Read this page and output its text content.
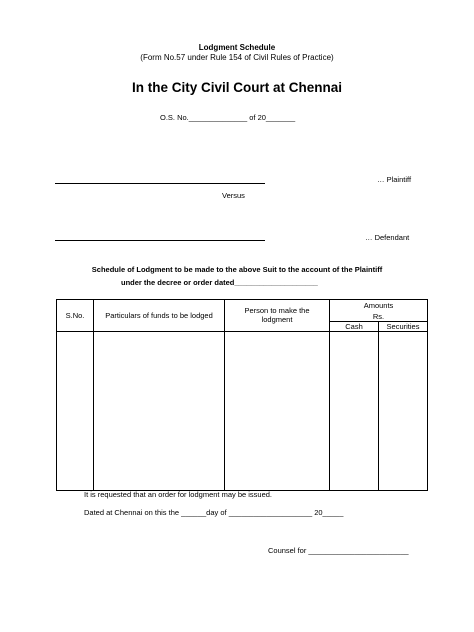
Lodgment Schedule
(Form No.57 under Rule 154 of Civil Rules of Practice)
In the City Civil Court at Chennai
O.S. No.______________ of 20_______
… Plaintiff
Versus
… Defendant
Schedule of Lodgment to be made to the above Suit to the account of the Plaintiff
under the decree or order dated____________________
S.No.	Particulars of funds to be lodged	Person to make the lodgment	Amounts	
			Rs.	
			Cash	Securities

It is requested that an order for lodgment may be issued.
Dated at Chennai on this the ______day of ____________________ 20_____
Counsel for ________________________
